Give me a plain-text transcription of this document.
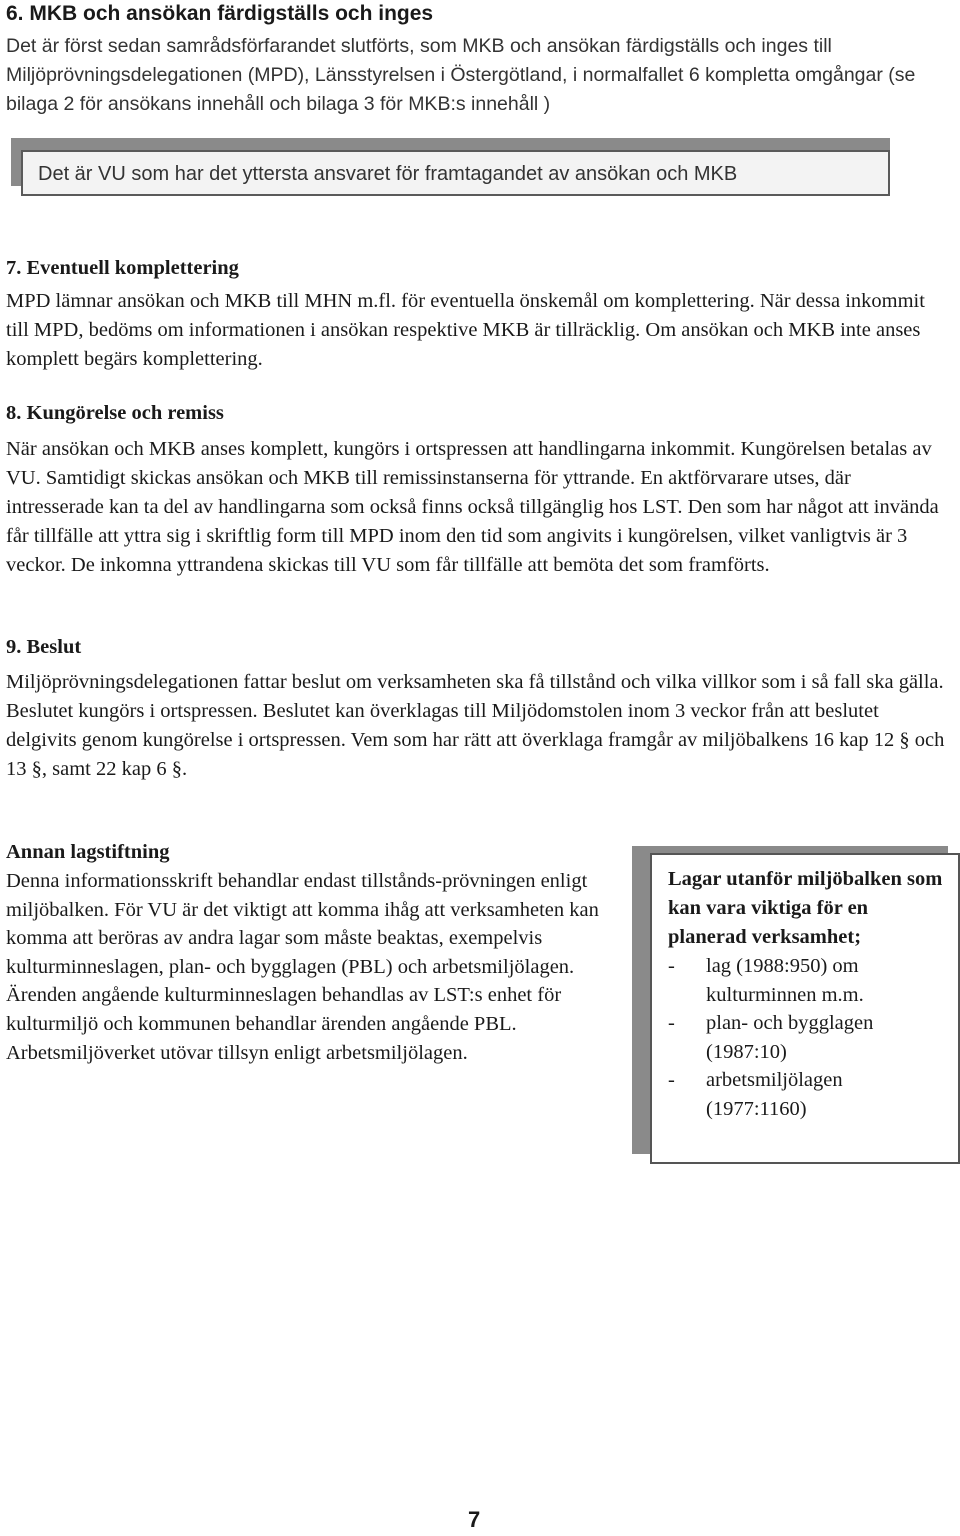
6. MKB och ansökan färdigställs och inges
Det är först sedan samrådsförfarandet slutförts, som MKB och ansökan färdigställs och inges till Miljöprövningsdelegationen (MPD), Länsstyrelsen i Östergötland, i normalfallet 6 kompletta omgångar (se bilaga 2 för ansökans innehåll och bilaga 3 för MKB:s innehåll )
Det är VU som har det yttersta ansvaret för framtagandet av ansökan och MKB
7. Eventuell komplettering
MPD lämnar ansökan och MKB till MHN m.fl. för eventuella önskemål om komplettering. När dessa inkommit till MPD, bedöms om informationen i ansökan respektive MKB är tillräcklig. Om ansökan och MKB inte anses komplett begärs komplettering.
8. Kungörelse och remiss
När ansökan och MKB anses komplett, kungörs i ortspressen att handlingarna inkommit. Kungörelsen betalas av VU. Samtidigt skickas ansökan och MKB till remissinstanserna för yttrande. En aktförvarare utses, där intresserade kan ta del av handlingarna som också finns också tillgänglig hos LST. Den som har något att invända får tillfälle att yttra sig i skriftlig form till MPD inom den tid som angivits i kungörelsen, vilket vanligtvis är 3 veckor. De inkomna yttrandena skickas till VU som får tillfälle att bemöta det som framförts.
9. Beslut
Miljöprövningsdelegationen fattar beslut om verksamheten ska få tillstånd och vilka villkor som i så fall ska gälla. Beslutet kungörs i ortspressen. Beslutet kan överklagas till Miljödomstolen inom 3 veckor från att beslutet delgivits genom kungörelse i ortspressen. Vem som har rätt att överklaga framgår av miljöbalkens 16 kap 12 § och 13 §, samt 22 kap 6 §.
Annan lagstiftning
Denna informationsskrift behandlar endast tillstånds-prövningen enligt miljöbalken. För VU är det viktigt att komma ihåg att verksamheten kan komma att beröras av andra lagar som måste beaktas, exempelvis kulturminneslagen, plan- och bygglagen (PBL) och arbetsmiljölagen. Ärenden angående kulturminneslagen behandlas av LST:s enhet för kulturmiljö och kommunen behandlar ärenden angående PBL. Arbetsmiljöverket utövar tillsyn enligt arbetsmiljölagen.
Lagar utanför miljöbalken som kan vara viktiga för en planerad verksamhet;
- lag (1988:950) om kulturminnen m.m.
- plan- och bygglagen (1987:10)
- arbetsmiljölagen (1977:1160)
7
